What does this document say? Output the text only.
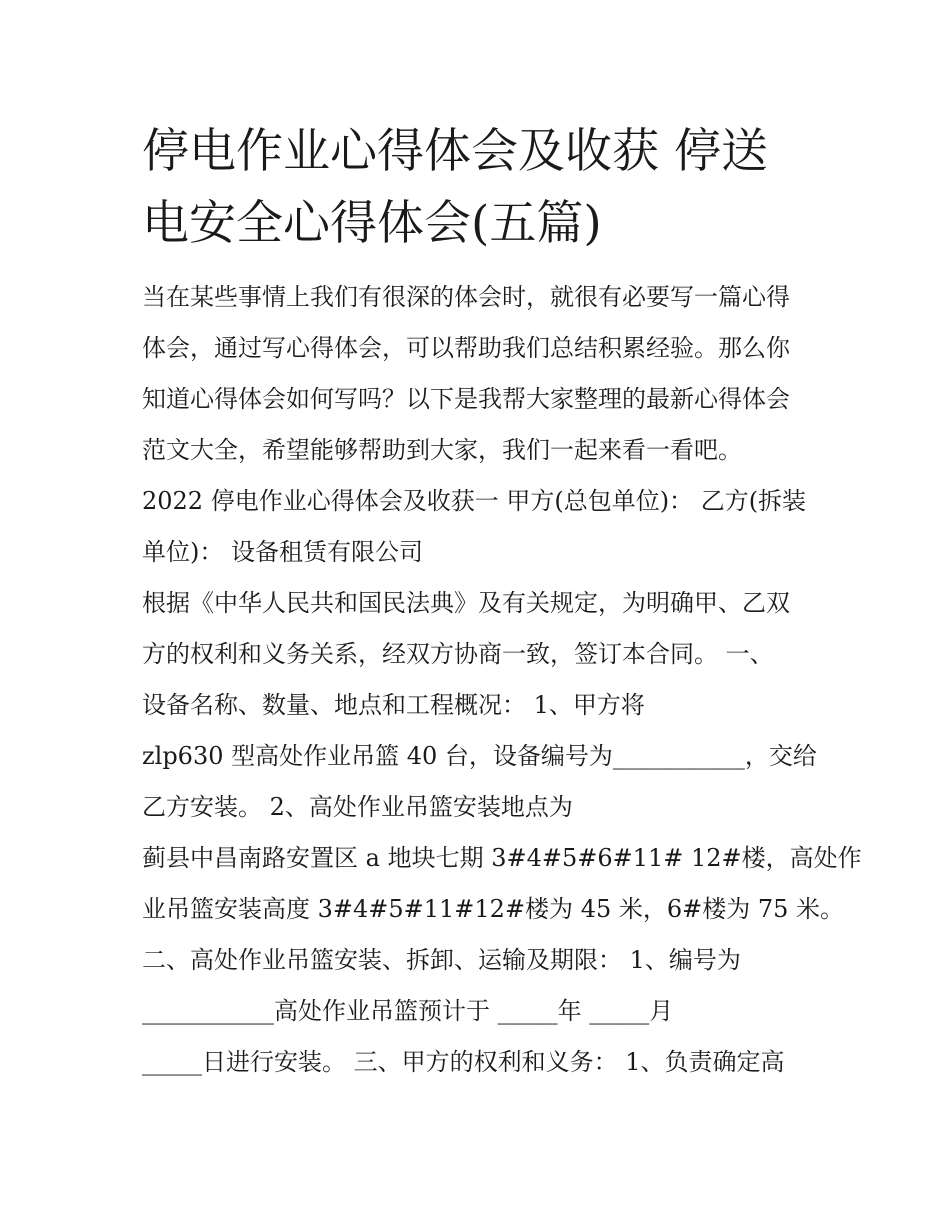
停电作业心得体会及收获 停送
电安全心得体会(五篇)
当在某些事情上我们有很深的体会时，就很有必要写一篇心得
体会，通过写心得体会，可以帮助我们总结积累经验。那么你
知道心得体会如何写吗？以下是我帮大家整理的最新心得体会
范文大全，希望能够帮助到大家，我们一起来看一看吧。
2022 停电作业心得体会及收获一 甲方(总包单位)： 乙方(拆装
单位)： 设备租赁有限公司
根据《中华人民共和国民法典》及有关规定，为明确甲、乙双
方的权利和义务关系，经双方协商一致，签订本合同。 一、
设备名称、数量、地点和工程概况： 1、甲方将
zlp630 型高处作业吊篮 40 台，设备编号为___________，交给
乙方安装。 2、高处作业吊篮安装地点为
蓟县中昌南路安置区 a 地块七期 3#4#5#6#11# 12#楼，高处作
业吊篮安装高度 3#4#5#11#12#楼为 45 米，6#楼为 75 米。
二、高处作业吊篮安装、拆卸、运输及期限： 1、编号为
___________高处作业吊篮预计于 _____年 _____月
_____日进行安装。 三、甲方的权利和义务： 1、负责确定高
